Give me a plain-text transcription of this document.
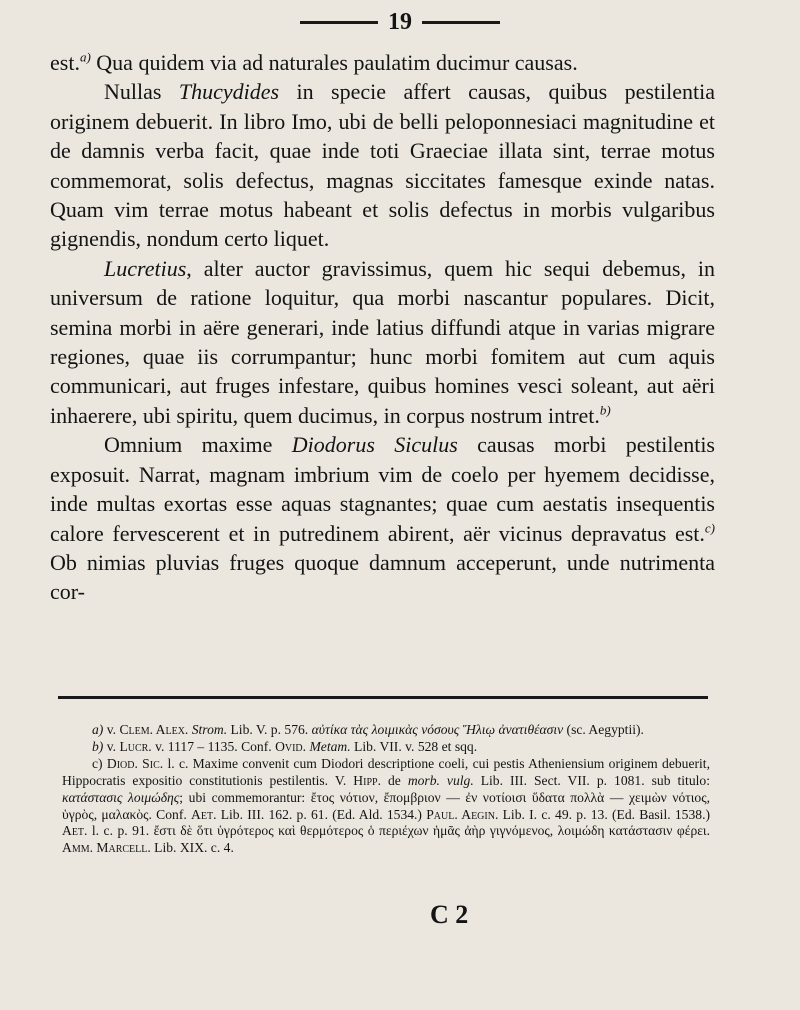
19

est.$^{a)}$ Qua quidem via ad naturales paulatim ducimur causas.

Nullas Thucydides in specie affert causas, quibus pestilentia originem debuerit. In libro Imo, ubi de belli peloponnesiaci magnitudine et de damnis verba facit, quae inde toti Graeciae illata sint, terrae motus commemorat, solis defectus, magnas siccitates famesque exinde natas. Quam vim terrae motus habeant et solis defectus in morbis vulgaribus gignendis, nondum certo liquet.

Lucretius, alter auctor gravissimus, quem hic sequi debemus, in universum de ratione loquitur, qua morbi nascantur populares. Dicit, semina morbi in aëre generari, inde latius diffundi atque in varias migrare regiones, quae iis corrumpantur; hunc morbi fomitem aut cum aquis communicari, aut fruges infestare, quibus homines vesci soleant, aut aëri inhaerere, ubi spiritu, quem ducimus, in corpus nostrum intret.$^{b)}$

Omnium maxime Diodorus Siculus causas morbi pestilentis exposuit. Narrat, magnam imbrium vim de coelo per hyemem decidisse, inde multas exortas esse aquas stagnantes; quae cum aestatis insequentis calore fervescerent et in putredinem abirent, aër vicinus depravatus est.$^{c)}$ Ob nimias pluvias fruges quoque damnum acceperunt, unde nutrimenta cor-

a) v. Clem. Alex. Strom. Lib. V. p. 576. αὐτίκα τὰς λοιμικὰς νόσους Ἥλιῳ ἀνατιθέασιν (sc. Aegyptii).

b) v. Lucr. v. 1117 – 1135. Conf. Ovid. Metam. Lib. VII. v. 528 et sqq.

c) Diod. Sic. l. c. Maxime convenit cum Diodori descriptione coeli, cui pestis Atheniensium originem debuerit, Hippocratis expositio constitutionis pestilentis. V. Hipp. de morb. vulg. Lib. III. Sect. VII. p. 1081. sub titulo: κατάστασις λοιμώδης; ubi commemorantur: ἔτος νότιον, ἔπομβριον — ἐν νοτίοισι ὕδατα πολλὰ — χειμὼν νότιος, ὑγρὸς, μαλακὸς. Conf. Aet. Lib. III. 162. p. 61. (Ed. Ald. 1534.) Paul. Aegin. Lib. I. c. 49. p. 13. (Ed. Basil. 1538.) Aet. l. c. p. 91. ἔστι δὲ ὅτι ὑγρότερος καὶ θερμότερος ὁ περιέχων ἡμᾶς ἀὴρ γιγνόμενος, λοιμώδη κατάστασιν φέρει. Amm. Marcell. Lib. XIX. c. 4.

C 2
